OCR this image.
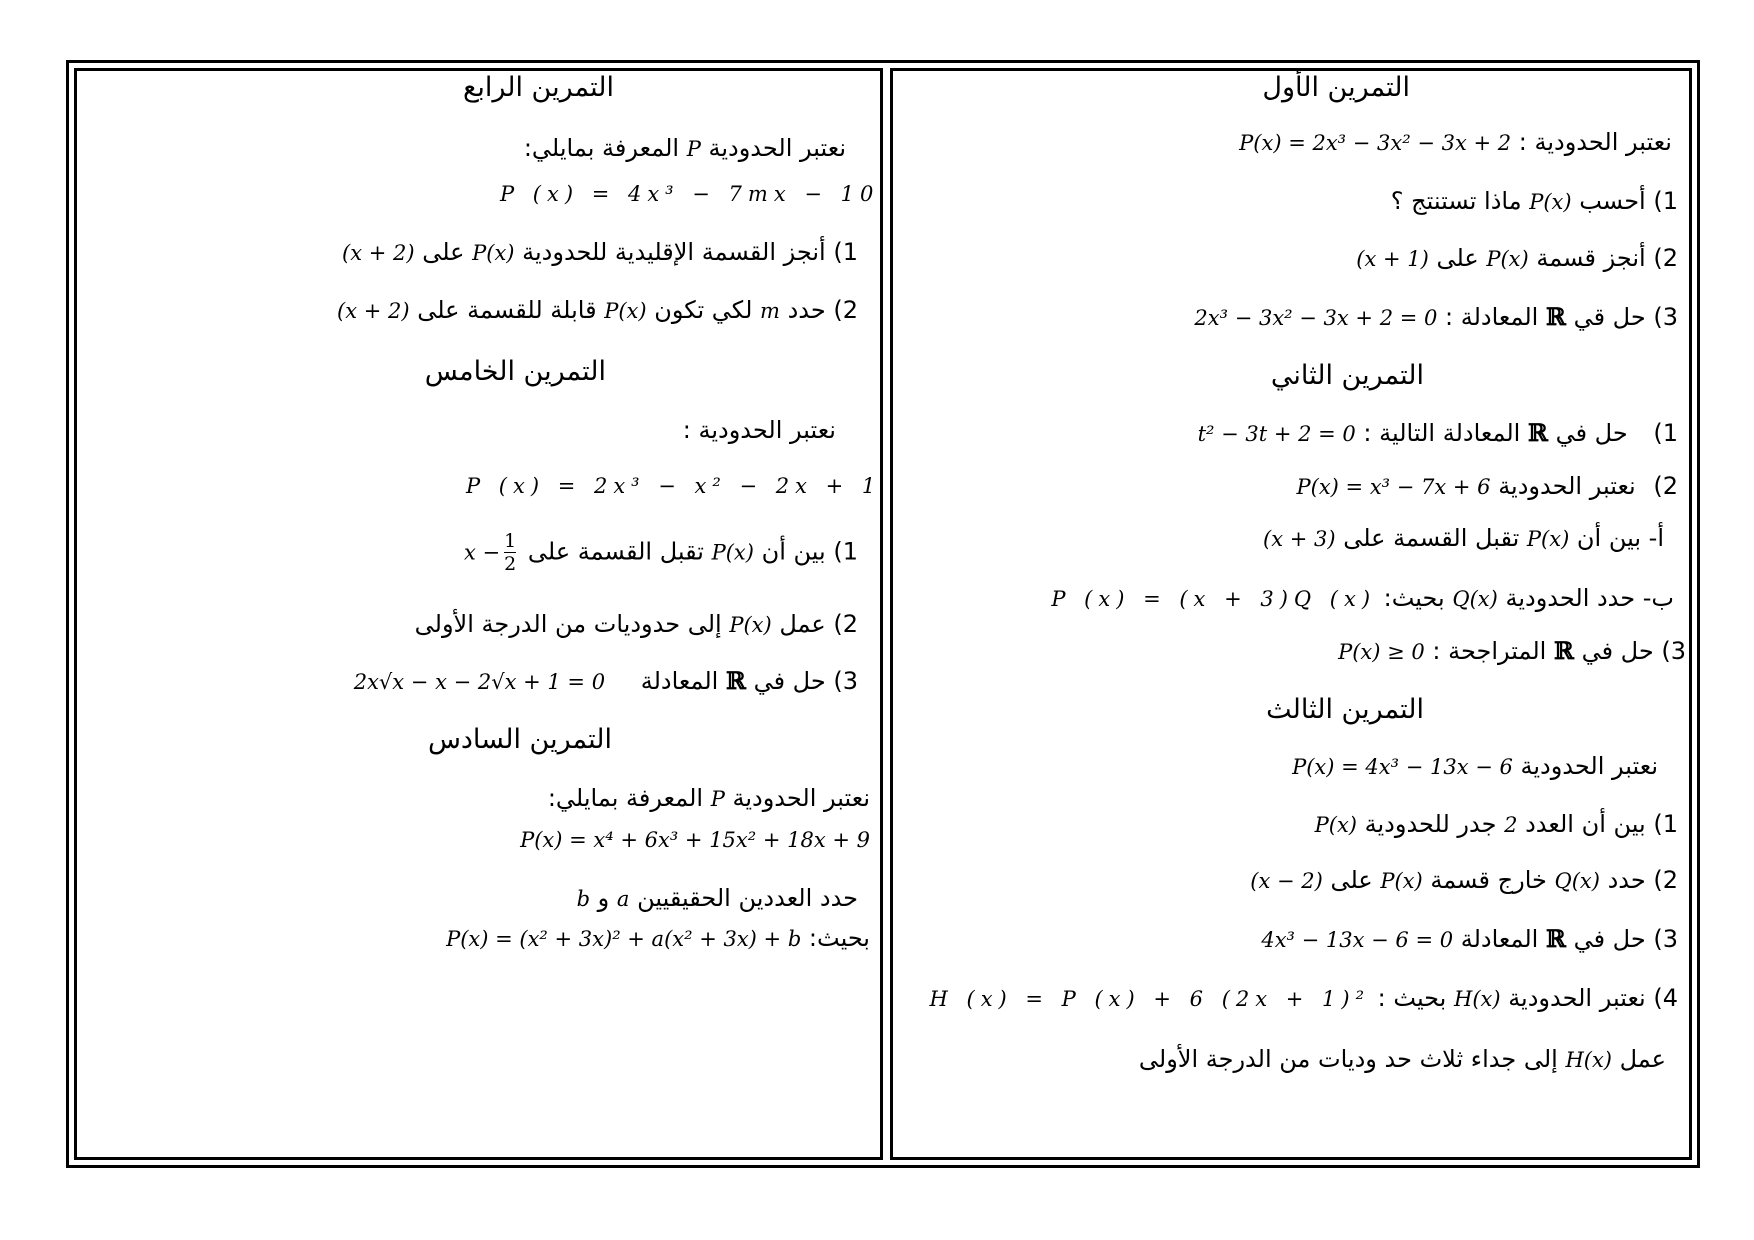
التمرين الأول
نعتبر الحدودية : P(x) = 2x³ − 3x² − 3x + 2
1) أحسب P(x) ماذا تستنتج ؟
2) أنجز قسمة P(x) على (x + 1)
3) حل قي ℝ المعادلة : 2x³ − 3x² − 3x + 2 = 0
التمرين الثاني
1) حل في ℝ المعادلة التالية : t² − 3t + 2 = 0
2) نعتبر الحدودية P(x) = x³ − 7x + 6
أ- بين أن P(x) تقبل القسمة على (x + 3)
ب- حدد الحدودية Q(x) بحيث: P (x) = (x + 3)Q (x)
3) حل في ℝ المتراجحة : P(x) ≥ 0
التمرين الثالث
نعتبر الحدودية P(x) = 4x³ − 13x − 6
1) بين أن العدد 2 جدر للحدودية P(x)
2) حدد Q(x) خارج قسمة P(x) على (x − 2)
3) حل في ℝ المعادلة 4x³ − 13x − 6 = 0
4) نعتبر الحدودية H(x) بحيث : H (x) = P (x) + 6 (2x + 1)²
عمل H(x) إلى جداء ثلاث حد وديات من الدرجة الأولى
التمرين الرابع
نعتبر الحدودية P المعرفة بمايلي:
P (x) = 4x³ − 7mx − 10
1) أنجز القسمة الإقليدية للحدودية P(x) على (x + 2)
2) حدد m لكي تكون P(x) قابلة للقسمة على (x + 2)
التمرين الخامس
نعتبر الحدودية :
P (x) = 2x³ − x² − 2x + 1
1) بين أن P(x) تقبل القسمة على $x - \frac{1}{2}$
2) عمل P(x) إلى حدوديات من الدرجة الأولى
3) حل في ℝ المعادلة 2x√x − x − 2√x + 1 = 0
التمرين السادس
نعتبر الحدودية P المعرفة بمايلي:
P(x) = x⁴ + 6x³ + 15x² + 18x + 9
حدد العددين الحقيقيين a و b
بحيث: P(x) = (x² + 3x)² + a(x² + 3x) + b
